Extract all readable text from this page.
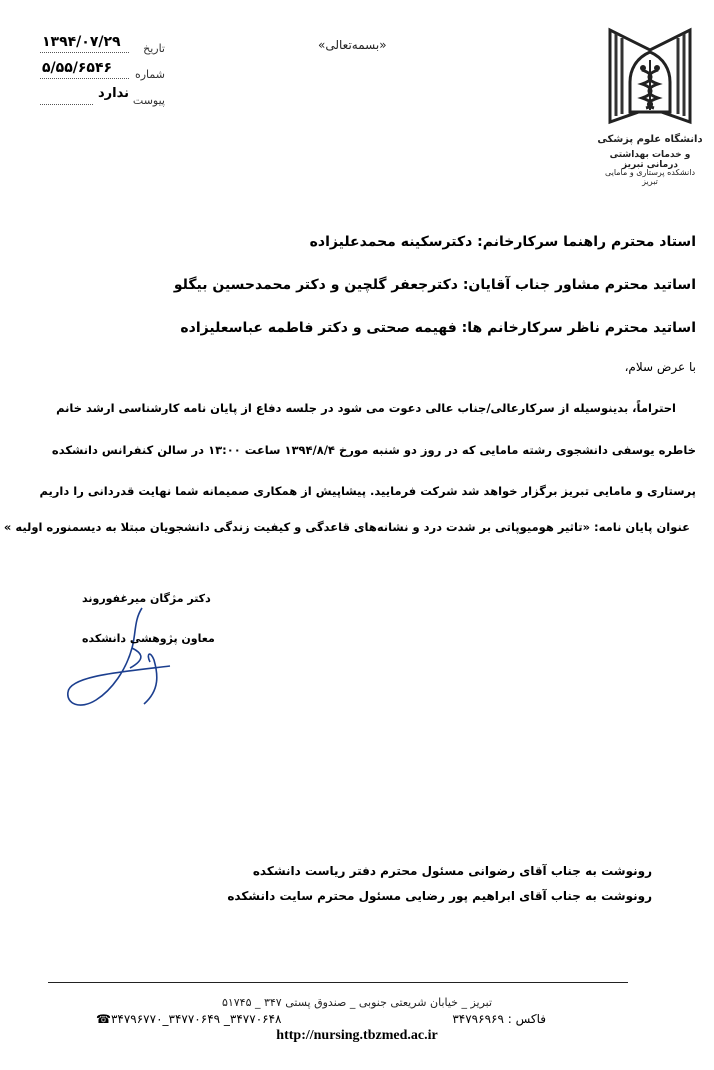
«بسمه‌تعالی»
تاریخ
۱۳۹۴/۰۷/۲۹
شماره
۵/۵۵/۶۵۴۶
پیوست
ندارد
دانشگاه علوم پزشکی
و خدمات بهداشتی درمانی تبریز
دانشکده پرستاری و مامایی تبریز
استاد محترم راهنما سرکارخانم: دکترسکینه محمدعلیزاده
اساتید محترم مشاور جناب آقایان: دکترجعفر گلچین و دکتر محمدحسین بیگلو
اساتید محترم ناظر سرکارخانم ها: فهیمه صحتی و دکتر فاطمه عباسعلیزاده
با عرض سلام،
احتراماً، بدینوسیله از سرکارعالی/جناب عالی دعوت می شود در جلسه دفاع از پایان نامه کارشناسی ارشد خانم
خاطره یوسفی دانشجوی رشته مامایی که در روز دو شنبه مورخ ۱۳۹۴/۸/۴ ساعت ۱۳:۰۰ در سالن کنفرانس دانشکده
پرستاری و مامایی تبریز برگزار خواهد شد شرکت فرمایید. پیشاپیش از همکاری صمیمانه شما نهایت قدردانی را داریم
عنوان پایان نامه: «تاثیر هومیوپاتی بر شدت درد و نشانه‌های قاعدگی و کیفیت زندگی دانشجویان مبتلا به دیسمنوره اولیه »
دکتر مژگان میرغفوروند
معاون پژوهشی دانشکده
رونوشت به جناب آقای رضوانی مسئول محترم دفتر ریاست دانشکده
رونوشت به جناب آقای ابراهیم پور رضایی مسئول محترم سایت دانشکده
تبریز _ خیابان شریعتی جنوبی _ صندوق پستی ۳۴۷ _ ۵۱۷۴۵
☎۳۴۷۷۰۶۴۸_ ۳۴۷۷۰۶۴۹_۳۴۷۹۶۷۷۰	فاکس : ۳۴۷۹۶۹۶۹
http://nursing.tbzmed.ac.ir
